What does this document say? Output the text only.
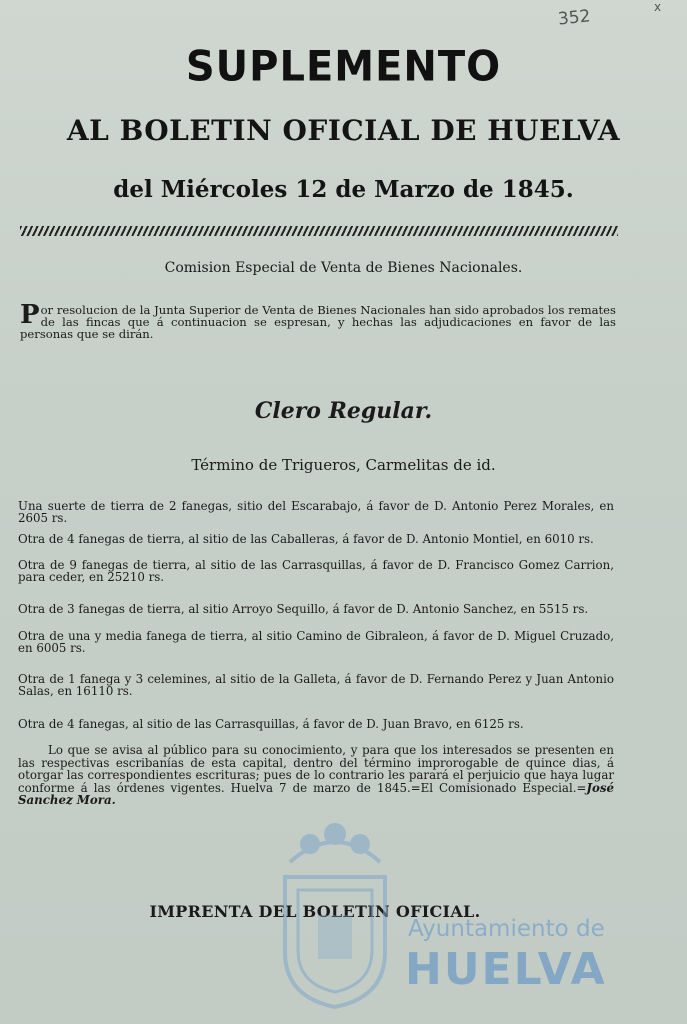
352	x
SUPLEMENTO
AL BOLETIN OFICIAL DE HUELVA
del Miércoles 12 de Marzo de 1845.
Comision Especial de Venta de Bienes Nacionales.
Por resolucion de la Junta Superior de Venta de Bienes Nacionales han sido aprobados los remates de las fincas que á continuacion se espresan, y hechas las adjudicaciones en favor de las personas que se dirán.
Clero Regular.
Término de Trigueros, Carmelitas de id.
Una suerte de tierra de 2 fanegas, sitio del Escarabajo, á favor de D. Antonio Perez Morales, en 2605 rs.
Otra de 4 fanegas de tierra, al sitio de las Caballeras, á favor de D. Antonio Montiel, en 6010 rs.
Otra de 9 fanegas de tierra, al sitio de las Carrasquillas, á favor de D. Francisco Gomez Carrion, para ceder, en 25210 rs.
Otra de 3 fanegas de tierra, al sitio Arroyo Sequillo, á favor de D. Antonio Sanchez, en 5515 rs.
Otra de una y media fanega de tierra, al sitio Camino de Gibraleon, á favor de D. Miguel Cruzado, en 6005 rs.
Otra de 1 fanega y 3 celemines, al sitio de la Galleta, á favor de D. Fernando Perez y Juan Antonio Salas, en 16110 rs.
Otra de 4 fanegas, al sitio de las Carrasquillas, á favor de D. Juan Bravo, en 6125 rs.
Lo que se avisa al público para su conocimiento, y para que los interesados se presenten en las respectivas escribanías de esta capital, dentro del término improrogable de quince dias, á otorgar las correspondientes escrituras; pues de lo contrario les parará el perjuicio que haya lugar conforme á las órdenes vigentes. Huelva 7 de marzo de 1845.=El Comisionado Especial.=José Sanchez Mora.
IMPRENTA DEL BOLETIN OFICIAL.
Ayuntamiento de
HUELVA
